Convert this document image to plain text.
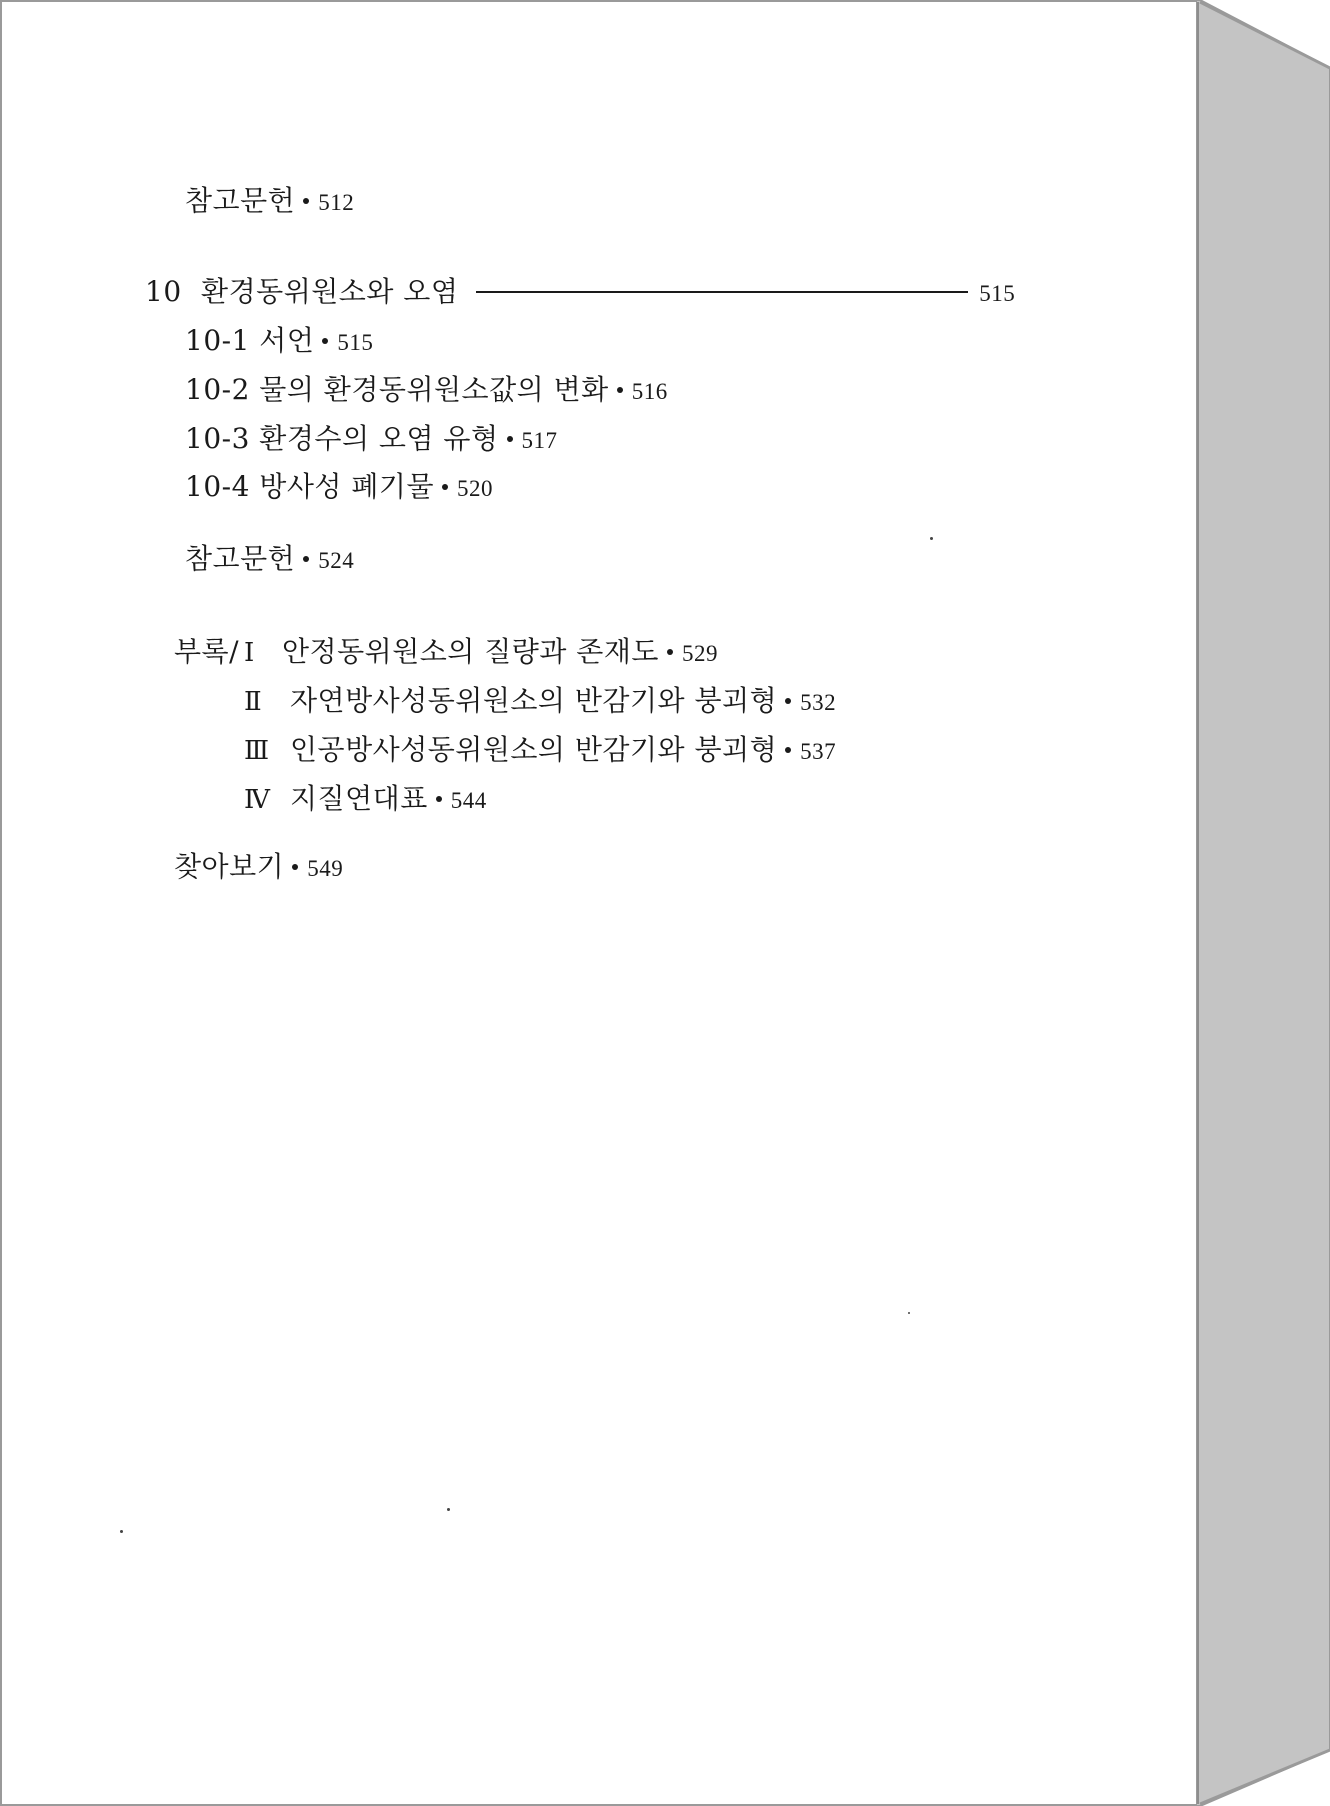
참고문헌 512
10 환경동위원소와 오염	515
10-1 서언 515
10-2 물의 환경동위원소값의 변화 516
10-3 환경수의 오염 유형 517
10-4 방사성 폐기물 520
참고문헌 524
부록/ Ⅰ 안정동위원소의 질량과 존재도 529
Ⅱ 자연방사성동위원소의 반감기와 붕괴형 532
Ⅲ 인공방사성동위원소의 반감기와 붕괴형 537
Ⅳ 지질연대표 544
찾아보기 549
